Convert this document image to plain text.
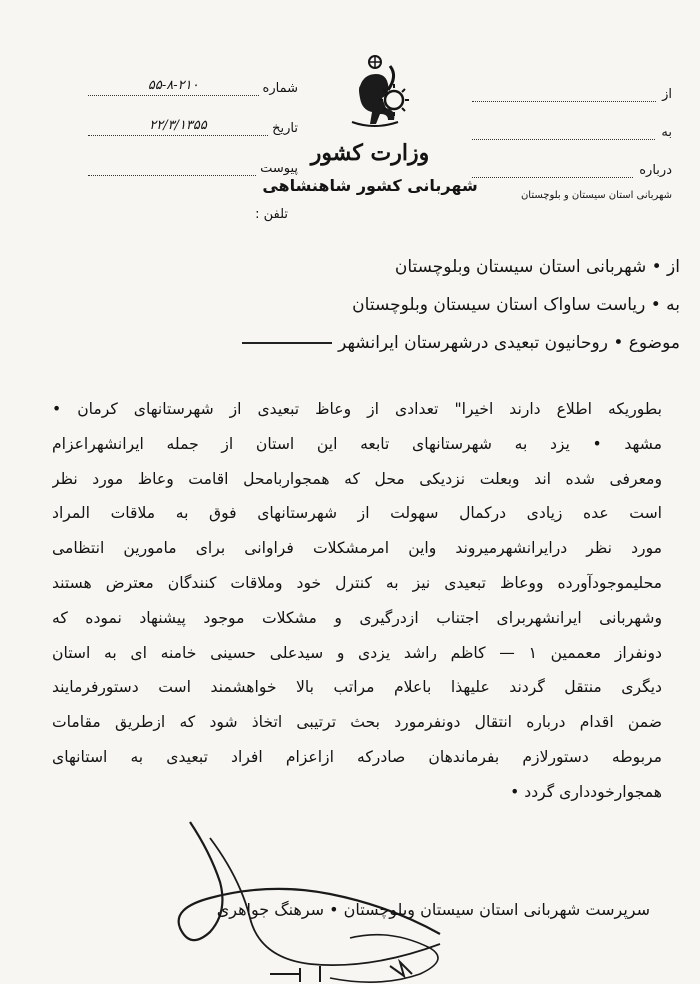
شماره
۵۵-۸-۲۱۰
تاریخ
۲۲/۳/۱۳۵۵
پیوست
تلفن :
وزارت کشور
شهربانی کشور شاهنشاهی
از
به
درباره
شهربانی استان سیستان و بلوچستان
از • شهربانی استان سیستان وبلوچستان
به • ریاست ساواک استان سیستان وبلوچستان
موضوع • روحانیون تبعیدی درشهرستان ایرانشهر

بطوریکه اطلاع دارند اخیرا" تعدادی از وعاظ تبعیدی از شهرستانهای کرمان •

مشهد • یزد به شهرستانهای تابعه این استان از جمله ایرانشهراعزام

ومعرفی شده اند وبعلت نزدیکی محل که همجواربامحل اقامت وعاظ مورد نظر

است عده زیادی درکمال سهولت از شهرستانهای فوق به ملاقات المراد

مورد نظر درایرانشهرمیروند واین امرمشکلات فراوانی برای مامورین انتظامی

محلیموجودآورده ووعاظ تبعیدی نیز به کنترل خود وملاقات کنندگان معترض هستند

وشهربانی ایرانشهربرای اجتناب ازدرگیری و مشکلات موجود پیشنهاد نموده که

دونفراز معممین ۱ — کاظم راشد یزدی و سیدعلی حسینی خامنه ای به استان

دیگری منتقل گردند علیهذا باعلام مراتب بالا خواهشمند است دستورفرمایند

ضمن اقدام درباره انتقال دونفرمورد بحث ترتیبی اتخاذ شود که ازطریق مقامات

مربوطه دستورلازم بفرماندهان صادرکه ازاعزام افراد تبعیدی به استانهای

همجوارخودداری گردد •

سرپرست شهربانی استان سیستان وبلوچستان • سرهنگ جواهری
